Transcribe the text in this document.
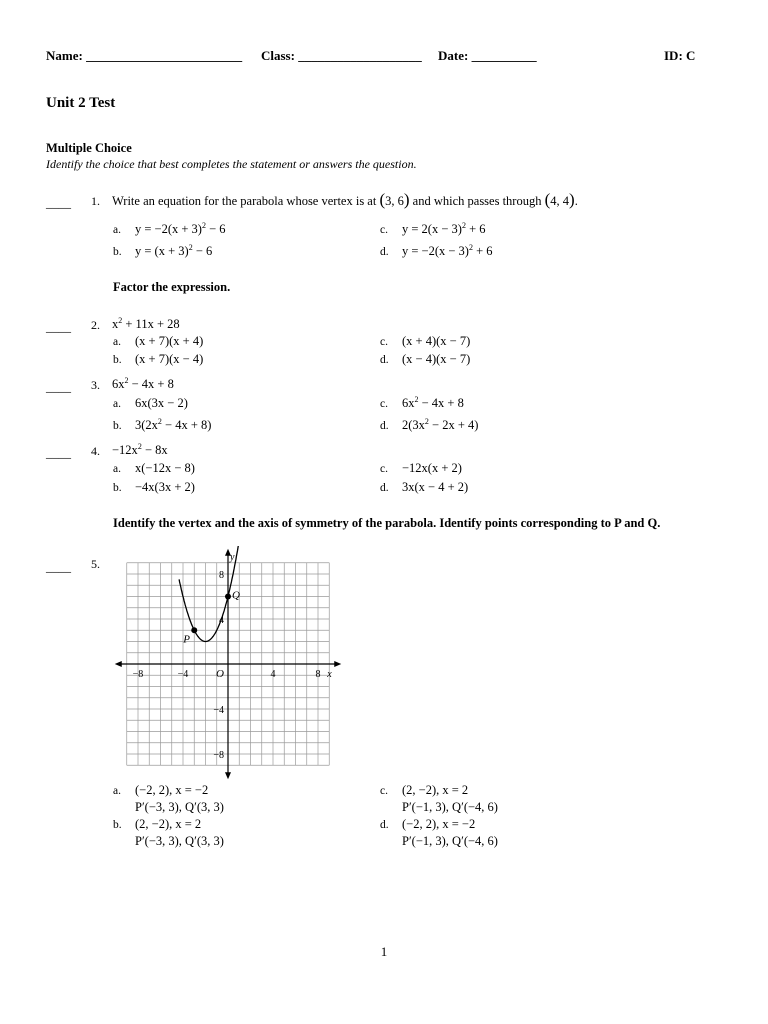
Name: ________________________ Class: ___________________ Date: __________	ID: C
Unit 2 Test
Multiple Choice
Identify the choice that best completes the statement or answers the question.
____ 1. Write an equation for the parabola whose vertex is at (3, 6) and which passes through (4, 4).
a. $y = -2(x + 3)^2 - 6$
b. $y = (x + 3)^2 - 6$
c. $y = 2(x - 3)^2 + 6$
d. $y = -2(x - 3)^2 + 6$
Factor the expression.
____ 2. $x^2 + 11x + 28$
a. (x + 7)(x + 4)
b. (x + 7)(x − 4)
c. (x + 4)(x − 7)
d. (x − 4)(x − 7)
____ 3. $6x^2 - 4x + 8$
a. 6x(3x − 2)
b. $3(2x^2 - 4x + 8)$
c. $6x^2 - 4x + 8$
d. $2(3x^2 - 2x + 4)$
____ 4. $-12x^2 - 8x$
a. x(−12x − 8)
b. −4x(3x + 2)
c. −12x(x + 2)
d. 3x(x − 4 + 2)
Identify the vertex and the axis of symmetry of the parabola. Identify points corresponding to P and Q.
____ 5.
P
Q
O	x
y
−8	−4	4	8
8
4
−4
−8
a. (−2, 2), x = −2
P′(−3, 3), Q′(3, 3)
b. (2, −2), x = 2
P′(−3, 3), Q′(3, 3)
c. (2, −2), x = 2
P′(−1, 3), Q′(−4, 6)
d. (−2, 2), x = −2
P′(−1, 3), Q′(−4, 6)
1
